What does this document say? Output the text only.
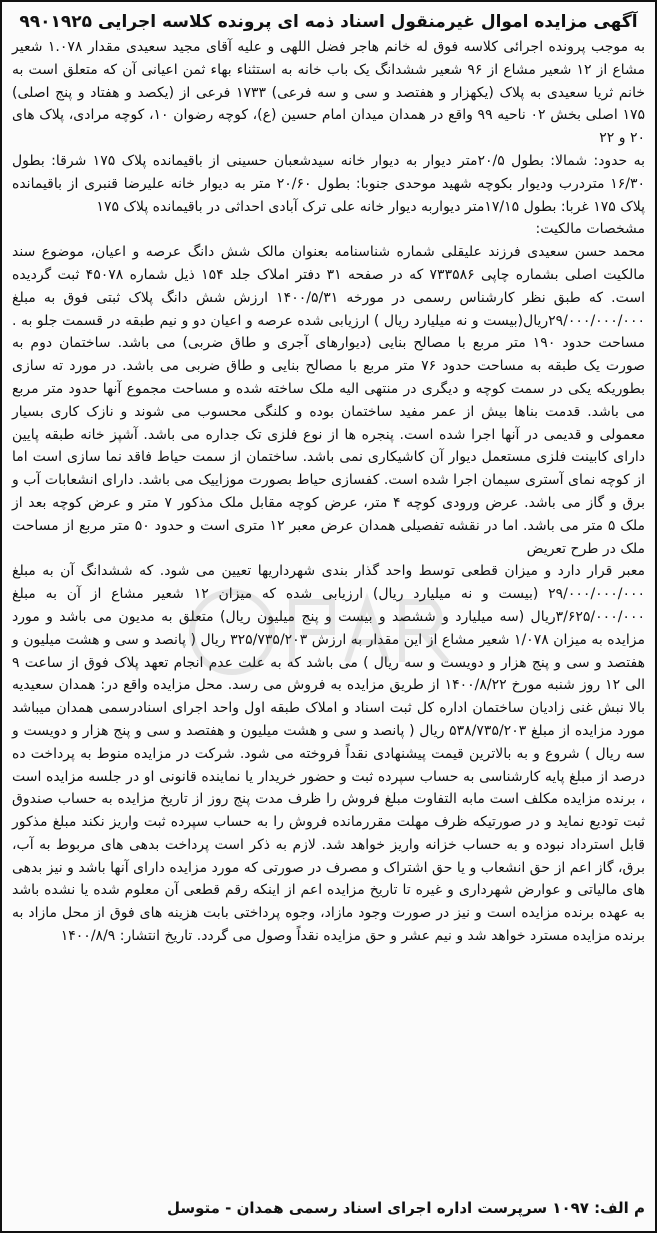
آگهی مزایده اموال غیرمنقول اسناد ذمه ای پرونده کلاسه اجرایی ۹۹۰۱۹۲۵

به موجب پرونده اجرائی کلاسه فوق له خانم هاجر فضل اللهی و علیه آقای مجید سعیدی مقدار ۱.۰۷۸ شعیر مشاع از ۱۲ شعیر مشاع از ۹۶ شعیر ششدانگ یک باب خانه به استثناء بهاء ثمن اعیانی آن که متعلق است به خانم ثریا سعیدی به پلاک (یکهزار و هفتصد و سی و سه فرعی) ۱۷۳۳ فرعی از (یکصد و هفتاد و پنج اصلی) ۱۷۵ اصلی بخش ۰۲ ناحیه ۹۹ واقع در همدان میدان امام حسین (ع)، کوچه رضوان ۱۰، کوچه مرادی، پلاک های ۲۰ و ۲۲

به حدود: شمالا: بطول ۲۰/۵متر دیوار به دیوار خانه سیدشعبان حسینی از باقیمانده پلاک ۱۷۵ شرقا: بطول ۱۶/۳۰ متردرب ودیوار بکوچه شهید موحدی جنوبا: بطول ۲۰/۶۰ متر به دیوار خانه علیرضا قنبری از باقیمانده پلاک ۱۷۵ غربا: بطول ۱۷/۱۵متر دیواربه دیوار خانه علی ترک آبادی احداثی در باقیمانده پلاک ۱۷۵

مشخصات مالکیت:

محمد حسن سعیدی فرزند علیقلی شماره شناسنامه بعنوان مالک شش دانگ عرصه و اعیان، موضوع سند مالکیت اصلی بشماره چاپی ۷۳۳۵۸۶ که در صفحه ۳۱ دفتر املاک جلد ۱۵۴ ذیل شماره ۴۵۰۷۸ ثبت گردیده است. که طبق نظر کارشناس رسمی در مورخه ۱۴۰۰/۵/۳۱ ارزش شش دانگ پلاک ثبتی فوق به مبلغ ۲۹/۰۰۰/۰۰۰/۰۰۰ریال(بیست و نه میلیارد ریال ) ارزیابی شده عرصه و اعیان دو و نیم طبقه در قسمت جلو به . مساحت حدود ۱۹۰ متر مربع با مصالح بنایی (دیوارهای آجری و طاق ضربی) می باشد. ساختمان دوم به صورت یک طبقه به مساحت حدود ۷۶ متر مربع با مصالح بنایی و طاق ضربی می باشد. در مورد ته سازی بطوریکه یکی در سمت کوچه و دیگری در منتهی الیه ملک ساخته شده و مساحت مجموع آنها حدود متر مربع می باشد. قدمت بناها بیش از عمر مفید ساختمان بوده و کلنگی محسوب می شوند و نازک کاری بسیار معمولی و قدیمی در آنها اجرا شده است. پنجره ها از نوع فلزی تک جداره می باشد. آشپز خانه طبقه پایین دارای کابینت فلزی مستعمل دیوار آن کاشیکاری نمی باشد. ساختمان از سمت حیاط فاقد نما سازی است اما از کوچه نمای آستری سیمان اجرا شده است. کفسازی حیاط بصورت موزاییک می باشد. دارای انشعابات آب و برق و گاز می باشد. عرض ورودی کوچه ۴ متر، عرض کوچه مقابل ملک مذکور ۷ متر و عرض کوچه بعد از ملک ۵ متر می باشد. اما در نقشه تفصیلی همدان عرض معبر ۱۲ متری است و حدود ۵۰ متر مربع از مساحت ملک در طرح تعریض

معبر قرار دارد و میزان قطعی توسط واحد گذار بندی شهرداریها تعیین می شود. که ششدانگ آن به مبلغ ۲۹/۰۰۰/۰۰۰/۰۰۰ (بیست و نه میلیارد ریال) ارزیابی شده که میزان ۱۲ شعیر مشاع از آن به مبلغ ۳/۶۲۵/۰۰۰/۰۰۰ریال (سه میلیارد و ششصد و بیست و پنج میلیون ریال) متعلق به مدیون می باشد و مورد مزایده به میزان ۱/۰۷۸ شعیر مشاع از این مقدار به ارزش ۳۲۵/۷۳۵/۲۰۳ ریال ( پانصد و سی و هشت میلیون و هفتصد و سی و پنج هزار و دویست و سه ریال ) می باشد که به علت عدم انجام تعهد پلاک فوق از ساعت ۹ الی ۱۲ روز شنبه مورخ ۱۴۰۰/۸/۲۲ از طریق مزایده به فروش می رسد. محل مزایده واقع در: همدان سعیدیه بالا نبش غنی زادیان ساختمان اداره کل ثبت اسناد و املاک طبقه اول واحد اجرای اسنادرسمی همدان میباشد مورد مزایده از مبلغ ۵۳۸/۷۳۵/۲۰۳ ریال ( پانصد و سی و هشت میلیون و هفتصد و سی و پنج هزار و دویست و سه ریال ) شروع و به بالاترین قیمت پیشنهادی نقداً فروخته می شود. شرکت در مزایده منوط به پرداخت ده درصد از مبلغ پایه کارشناسی به حساب سپرده ثبت و حضور خریدار یا نماینده قانونی او در جلسه مزایده است ، برنده مزایده مکلف است مابه التفاوت مبلغ فروش را ظرف مدت پنج روز از تاریخ مزایده به حساب صندوق ثبت تودیع نماید و در صورتیکه ظرف مهلت مقررمانده فروش را به حساب سپرده ثبت واریز نکند مبلغ مذکور قابل استرداد نبوده و به حساب خزانه واریز خواهد شد. لازم به ذکر است پرداخت بدهی های مربوط به آب، برق، گاز اعم از حق انشعاب و یا حق اشتراک و مصرف در صورتی که مورد مزایده دارای آنها باشد و نیز بدهی های مالیاتی و عوارض شهرداری و غیره تا تاریخ مزایده اعم از اینکه رقم قطعی آن معلوم شده یا نشده باشد به عهده برنده مزایده است و نیز در صورت وجود مازاد، وجوه پرداختی بابت هزینه های فوق از محل مازاد به برنده مزایده مسترد خواهد شد و نیم عشر و حق مزایده نقداً وصول می گردد. تاریخ انتشار: ۱۴۰۰/۸/۹

م الف: ۱۰۹۷ سرپرست اداره اجرای اسناد رسمی همدان - متوسل
